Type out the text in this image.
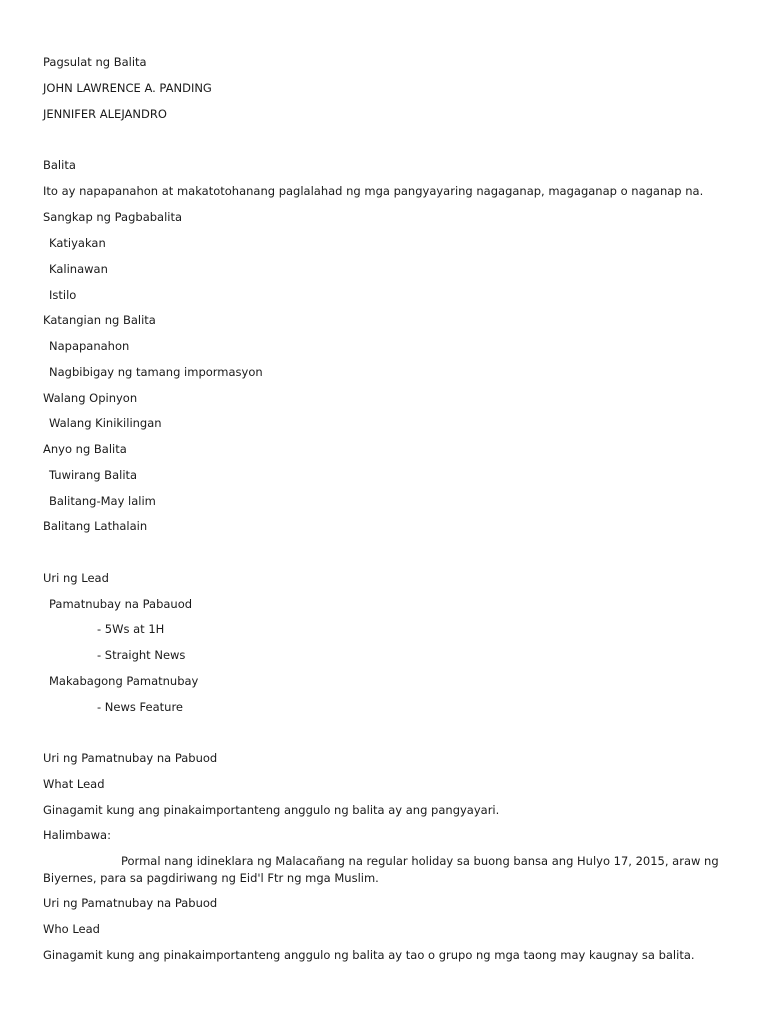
Pagsulat ng Balita
JOHN LAWRENCE A. PANDING
JENNIFER ALEJANDRO
Balita
Ito ay napapanahon at makatotohanang paglalahad ng mga pangyayaring nagaganap, magaganap o naganap na.
Sangkap ng Pagbabalita
Katiyakan
Kalinawan
Istilo
Katangian ng Balita
Napapanahon
Nagbibigay ng tamang impormasyon
Walang Opinyon
Walang Kinikilingan
Anyo ng Balita
Tuwirang Balita
Balitang-May lalim
Balitang Lathalain
Uri ng Lead
Pamatnubay na Pabauod
- 5Ws at 1H
- Straight News
Makabagong Pamatnubay
- News Feature
Uri ng Pamatnubay na Pabuod
What Lead
Ginagamit kung ang pinakaimportanteng anggulo ng balita ay ang pangyayari.
Halimbawa:
Pormal nang idineklara ng Malacañang na regular holiday sa buong bansa ang Hulyo 17, 2015, araw ng Biyernes, para sa pagdiriwang ng Eid'l Ftr ng mga Muslim.
Uri ng Pamatnubay na Pabuod
Who Lead
Ginagamit kung ang pinakaimportanteng anggulo ng balita ay tao o grupo ng mga taong may kaugnay sa balita.
